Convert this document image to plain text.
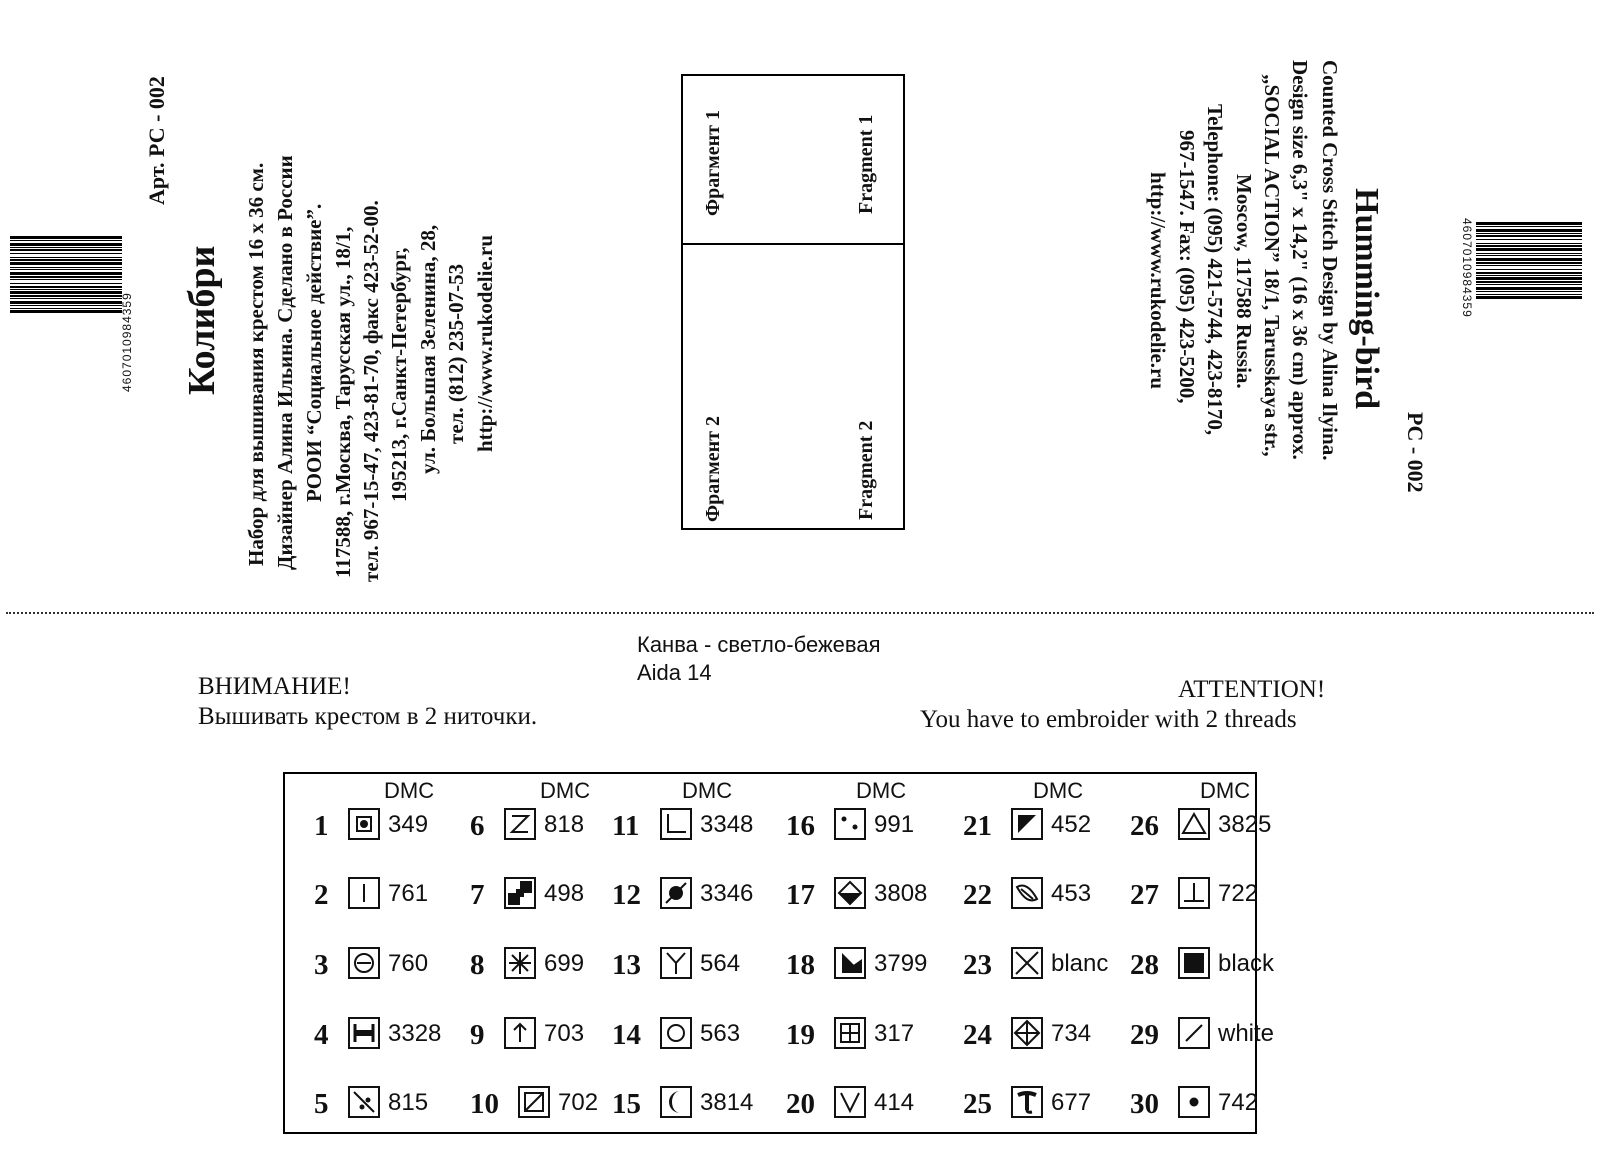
4607010984359
Арт. РС - 002
Колибри Набор для вышивания крестом 16 х 36 см. Дизайнер Алина Ильина. Сделано в России РООИ “Социальное действие”. 117588, г.Москва, Тарусская ул., 18/1, тел. 967-15-47, 423-81-70, факс 423-52-00. 195213, г.Санкт-Петербург, ул. Большая Зеленина, 28, тел. (812) 235-07-53 http://www.rukodelie.ru
Фрагмент 1	Fragment 1
Фрагмент 2	Fragment 2
Counted Cross Stitch Design by Alina Ilyina.
Design size 6,3" x 14,2" (16 x 36 cm) approx.
„SOCIAL ACTION” 18/1, Tarusskaya str.,
Moscow, 117588 Russia.
Telephone: (095) 421-5744, 423-8170,
967-1547. Fax: (095) 423-5200,
http://www.rukodelie.ru	Humming-bird
PC - 002
4607010984359
Канва - светло-бежевая
Aida 14
ВНИМАНИЕ!
Вышивать крестом в 2 ниточки.
ATTENTION!
You have to embroider with 2 threads
DMC
1 349
2 761
3 760
4 3328
5 815
DMC
6 818
7 498
8 699
9 703
10 702
DMC
11	3348
12 3346
13 564
14 563
15 3814
DMC
16 991
17 3808
18 3799
19 317
20 414
DMC
21 452
22 453
23 blanc
24 734
25 677
DMC
26 3825
27 722
28 black
29 white
30 742
